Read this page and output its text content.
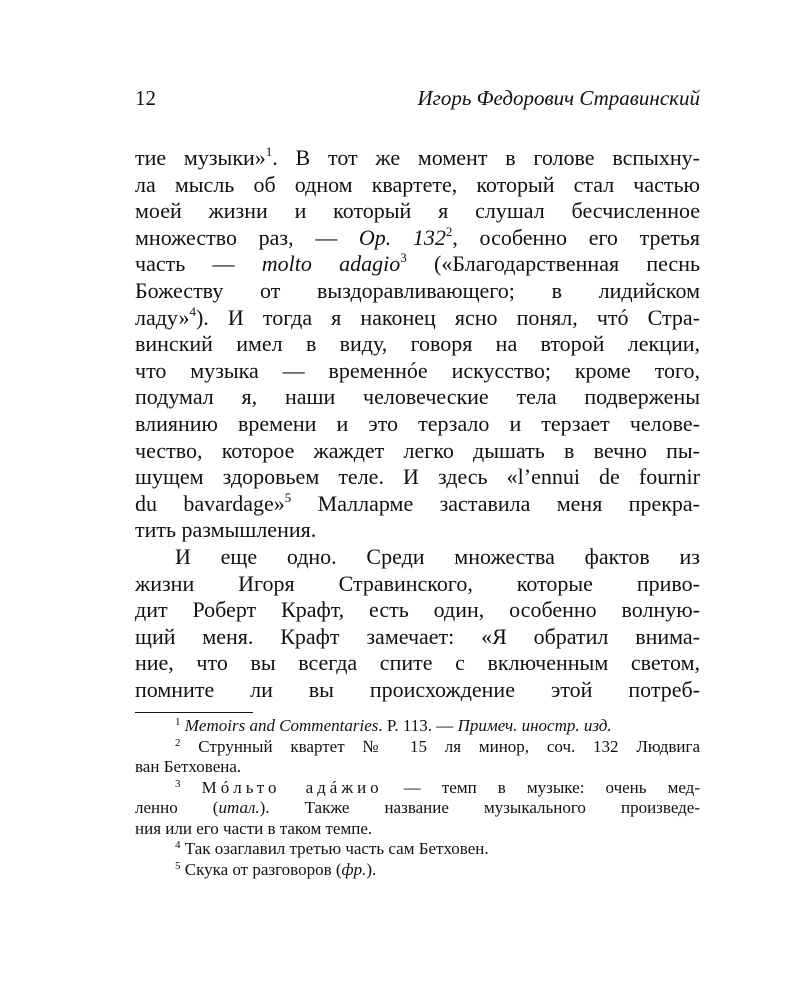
12	Игорь Федорович Стравинский
тие музыки»$^1$. В тот же момент в голове вспыхну-
ла мысль об одном квартете, который стал частью
моей жизни и который я слушал бесчисленное
множество раз, — Op. $132^2$, особенно его третья
часть — molto adagio$^3$ («Благодарственная песнь
Божеству от выздоравливающего; в лидийском
ладу»$^4$). И тогда я наконец ясно понял, чтó Стра-
винский имел в виду, говоря на второй лекции,
что музыка — временнóе искусство; кроме того,
подумал я, наши человеческие тела подвержены
влиянию времени и это терзало и терзает челове-
чество, которое жаждет легко дышать в вечно пы-
шущем здоровьем теле. И здесь «l’ennui de fournir
du bavardage»$^5$ Малларме заставила меня прекра-
тить размышления.
И еще одно. Среди множества фактов из
жизни Игоря Стравинского, которые приво-
дит Роберт Крафт, есть один, особенно волную-
щий меня. Крафт замечает: «Я обратил внима-
ние, что вы всегда спите с включенным светом,
помните ли вы происхождение этой потреб-
$^1$ Memoirs and Commentaries. P. 113. — Примеч. иностр. изд.
$^2$ Струнный квартет № 15 ля минор, соч. 132 Людвига
ван Бетховена.
$^3$ Мóльто адáжио — темп в музыке: очень мед-
ленно (итал.). Также название музыкального произведе-
ния или его части в таком темпе.
$^4$ Так озаглавил третью часть сам Бетховен.
$^5$ Скука от разговоров (фр.).
